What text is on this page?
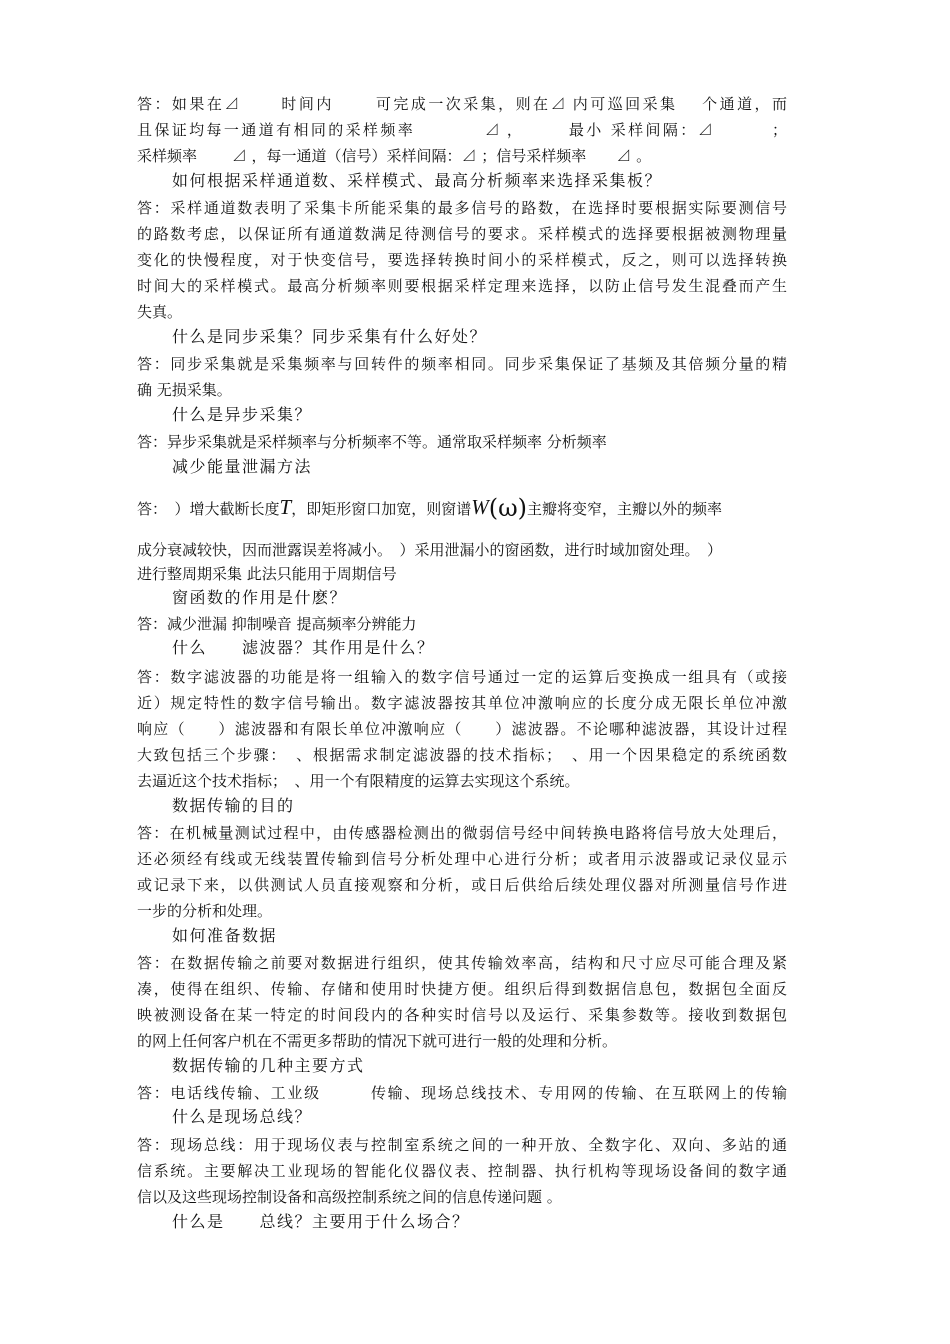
答：如果在⊿ 　　时间内　　 可完成一次采集，则在⊿ 内可巡回采集 　个通道，而
且保证均每一通道有相同的采样频率　　　　⊿ ，　　　最小 采样间隔：⊿ 　　　；
采样频率 　　⊿ ，每一通道（信号）采样间隔：⊿ ；信号采样频率　　⊿ 。
如何根据采样通道数、采样模式、最高分析频率来选择采集板？
答：采样通道数表明了采集卡所能采集的最多信号的路数，在选择时要根据实际要测信号
的路数考虑，以保证所有通道数满足待测信号的要求。采样模式的选择要根据被测物理量
变化的快慢程度，对于快变信号，要选择转换时间小的采样模式，反之，则可以选择转换
时间大的采样模式。最高分析频率则要根据采样定理来选择，以防止信号发生混叠而产生
失真。
什么是同步采集？同步采集有什么好处？
答：同步采集就是采集频率与回转件的频率相同。同步采集保证了基频及其倍频分量的精
确 无损采集。
什么是异步采集？
答：异步采集就是采样频率与分析频率不等。通常取采样频率 分析频率
减少能量泄漏方法
答：　）增大截断长度T，即矩形窗口加宽，则窗谱W(ω)主瓣将变窄，主瓣以外的频率
成分衰减较快，因而泄露误差将减小。　）采用泄漏小的窗函数，进行时域加窗处理。　）
进行整周期采集 此法只能用于周期信号
窗函数的作用是什麽？
答：减少泄漏 抑制噪音 提高频率分辨能力
什么　　滤波器？其作用是什么？
答：数字滤波器的功能是将一组输入的数字信号通过一定的运算后变换成一组具有（或接
近）规定特性的数字信号输出。数字滤波器按其单位冲激响应的长度分成无限长单位冲激
响应（　　）滤波器和有限长单位冲激响应（　　）滤波器。不论哪种滤波器，其设计过程
大致包括三个步骤：　、根据需求制定滤波器的技术指标；　、用一个因果稳定的系统函数
去逼近这个技术指标；　、用一个有限精度的运算去实现这个系统。
数据传输的目的
答：在机械量测试过程中，由传感器检测出的微弱信号经中间转换电路将信号放大处理后，
还必须经有线或无线装置传输到信号分析处理中心进行分析；或者用示波器或记录仪显示
或记录下来，以供测试人员直接观察和分析，或日后供给后续处理仪器对所测量信号作进
一步的分析和处理。
如何准备数据
答：在数据传输之前要对数据进行组织，使其传输效率高，结构和尺寸应尽可能合理及紧
凑，使得在组织、传输、存储和使用时快捷方便。组织后得到数据信息包，数据包全面反
映被测设备在某一特定的时间段内的各种实时信号以及运行、采集参数等。接收到数据包
的网上任何客户机在不需更多帮助的情况下就可进行一般的处理和分析。
数据传输的几种主要方式
答：电话线传输、工业级　　　传输、现场总线技术、专用网的传输、在互联网上的传输
什么是现场总线？
答：现场总线：用于现场仪表与控制室系统之间的一种开放、全数字化、双向、多站的通
信系统。主要解决工业现场的智能化仪器仪表、控制器、执行机构等现场设备间的数字通
信以及这些现场控制设备和高级控制系统之间的信息传递问题 。
什么是　　总线？主要用于什么场合？
